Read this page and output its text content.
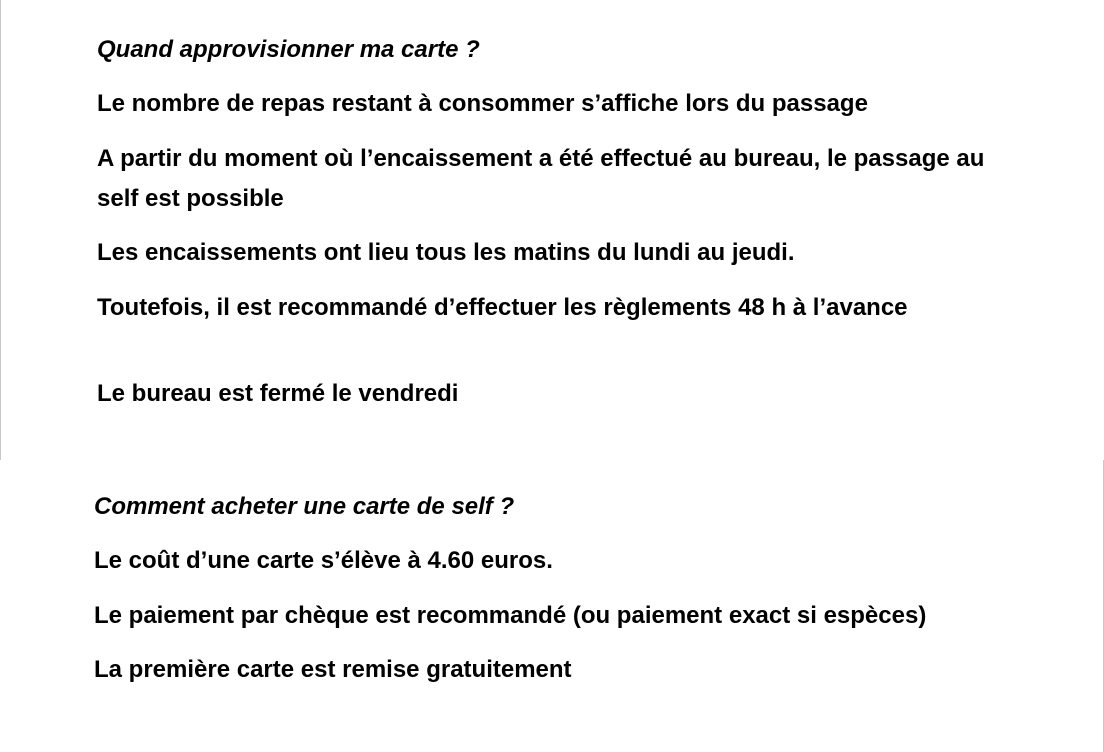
Quand approvisionner ma carte ?

Le nombre de repas restant à consommer s’affiche lors du passage

A partir du moment où l’encaissement a été effectué au bureau, le passage au self est possible

Les encaissements ont lieu tous les matins du lundi au jeudi.

Toutefois, il est recommandé d’effectuer les règlements 48 h à l’avance

Le bureau est fermé le vendredi

Comment acheter une carte de self ?

Le coût d’une carte s’élève à 4.60 euros.

Le paiement par chèque est recommandé (ou paiement exact si espèces)

La première carte est remise gratuitement
